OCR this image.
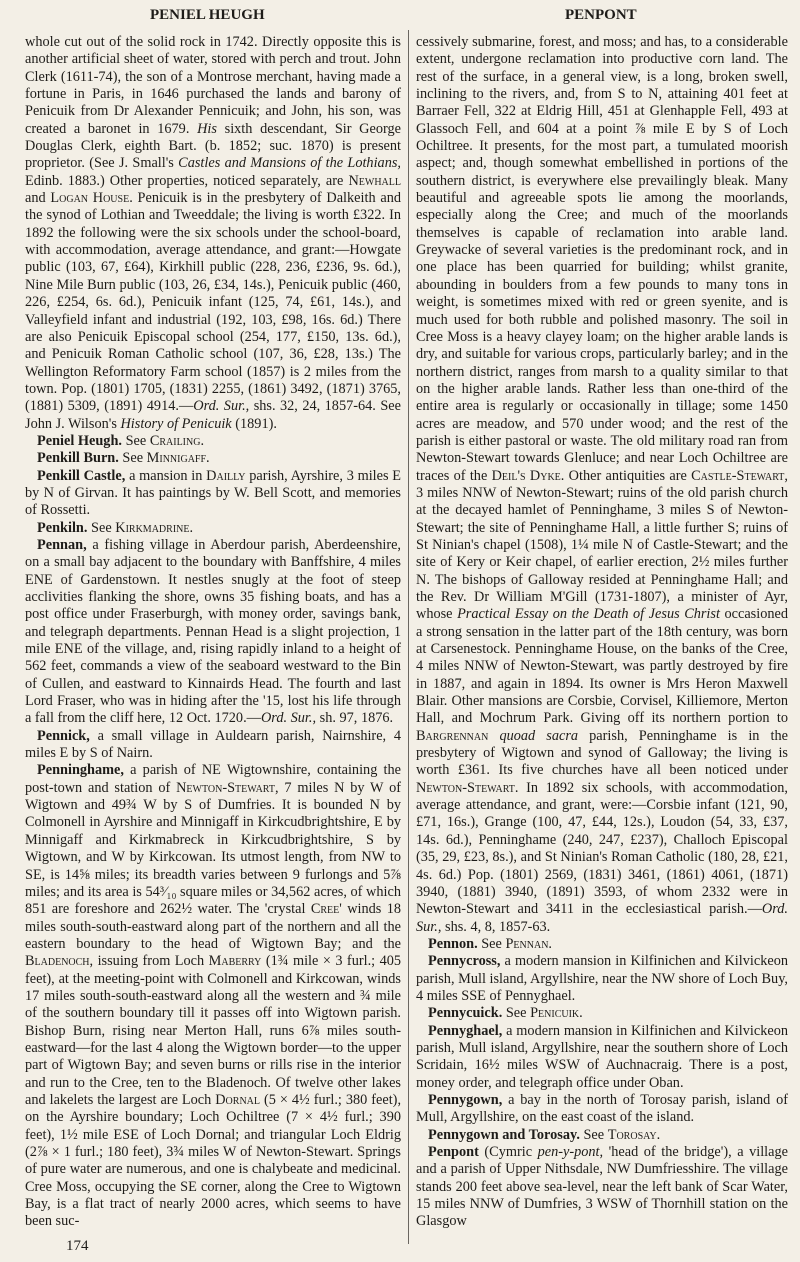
PENIEL HEUGH	PENPONT

whole cut out of the solid rock in 1742. Directly opposite this is another artificial sheet of water, stored with perch and trout. John Clerk (1611-74), the son of a Montrose merchant, having made a fortune in Paris, in 1646 purchased the lands and barony of Penicuik from Dr Alexander Pennicuik; and John, his son, was created a baronet in 1679. His sixth descendant, Sir George Douglas Clerk, eighth Bart. (b. 1852; suc. 1870) is present proprietor. (See J. Small's Castles and Mansions of the Lothians, Edinb. 1883.) Other properties, noticed separately, are Newhall and Logan House. Penicuik is in the presbytery of Dalkeith and the synod of Lothian and Tweeddale; the living is worth £322. In 1892 the following were the six schools under the school-board, with accommodation, average attendance, and grant:—Howgate public (103, 67, £64), Kirkhill public (228, 236, £236, 9s. 6d.), Nine Mile Burn public (103, 26, £34, 14s.), Penicuik public (460, 226, £254, 6s. 6d.), Penicuik infant (125, 74, £61, 14s.), and Valleyfield infant and industrial (192, 103, £98, 16s. 6d.) There are also Penicuik Episcopal school (254, 177, £150, 13s. 6d.), and Penicuik Roman Catholic school (107, 36, £28, 13s.) The Wellington Reformatory Farm school (1857) is 2 miles from the town. Pop. (1801) 1705, (1831) 2255, (1861) 3492, (1871) 3765, (1881) 5309, (1891) 4914.—Ord. Sur., shs. 32, 24, 1857-64. See John J. Wilson's History of Penicuik (1891).

Peniel Heugh. See Crailing.

Penkill Burn. See Minnigaff.

Penkill Castle, a mansion in Dailly parish, Ayrshire, 3 miles E by N of Girvan. It has paintings by W. Bell Scott, and memories of Rossetti.

Penkiln. See Kirkmadrine.

Pennan, a fishing village in Aberdour parish, Aberdeenshire, on a small bay adjacent to the boundary with Banffshire, 4 miles ENE of Gardenstown. It nestles snugly at the foot of steep acclivities flanking the shore, owns 35 fishing boats, and has a post office under Fraserburgh, with money order, savings bank, and telegraph departments. Pennan Head is a slight projection, 1 mile ENE of the village, and, rising rapidly inland to a height of 562 feet, commands a view of the seaboard westward to the Bin of Cullen, and eastward to Kinnairds Head. The fourth and last Lord Fraser, who was in hiding after the '15, lost his life through a fall from the cliff here, 12 Oct. 1720.—Ord. Sur., sh. 97, 1876.

Pennick, a small village in Auldearn parish, Nairnshire, 4 miles E by S of Nairn.

Penninghame, a parish of NE Wigtownshire, containing the post-town and station of Newton-Stewart, 7 miles N by W of Wigtown and 49¾ W by S of Dumfries. It is bounded N by Colmonell in Ayrshire and Minnigaff in Kirkcudbrightshire, E by Minnigaff and Kirkmabreck in Kirkcudbrightshire, S by Wigtown, and W by Kirkcowan. Its utmost length, from NW to SE, is 14⅝ miles; its breadth varies between 9 furlongs and 5⅞ miles; and its area is 54³⁄₁₀ square miles or 34,562 acres, of which 851 are foreshore and 262½ water. The 'crystal Cree' winds 18 miles south-south-eastward along part of the northern and all the eastern boundary to the head of Wigtown Bay; and the Bladenoch, issuing from Loch Maberry (1¾ mile × 3 furl.; 405 feet), at the meeting-point with Colmonell and Kirkcowan, winds 17 miles south-south-eastward along all the western and ¾ mile of the southern boundary till it passes off into Wigtown parish. Bishop Burn, rising near Merton Hall, runs 6⅞ miles south-eastward—for the last 4 along the Wigtown border—to the upper part of Wigtown Bay; and seven burns or rills rise in the interior and run to the Cree, ten to the Bladenoch. Of twelve other lakes and lakelets the largest are Loch Dornal (5 × 4½ furl.; 380 feet), on the Ayrshire boundary; Loch Ochiltree (7 × 4½ furl.; 390 feet), 1½ mile ESE of Loch Dornal; and triangular Loch Eldrig (2⅞ × 1 furl.; 180 feet), 3¾ miles W of Newton-Stewart. Springs of pure water are numerous, and one is chalybeate and medicinal. Cree Moss, occupying the SE corner, along the Cree to Wigtown Bay, is a flat tract of nearly 2000 acres, which seems to have been suc-

cessively submarine, forest, and moss; and has, to a considerable extent, undergone reclamation into productive corn land. The rest of the surface, in a general view, is a long, broken swell, inclining to the rivers, and, from S to N, attaining 401 feet at Barraer Fell, 322 at Eldrig Hill, 451 at Glenhapple Fell, 493 at Glassoch Fell, and 604 at a point ⅞ mile E by S of Loch Ochiltree. It presents, for the most part, a tumulated moorish aspect; and, though somewhat embellished in portions of the southern district, is everywhere else prevailingly bleak. Many beautiful and agreeable spots lie among the moorlands, especially along the Cree; and much of the moorlands themselves is capable of reclamation into arable land. Greywacke of several varieties is the predominant rock, and in one place has been quarried for building; whilst granite, abounding in boulders from a few pounds to many tons in weight, is sometimes mixed with red or green syenite, and is much used for both rubble and polished masonry. The soil in Cree Moss is a heavy clayey loam; on the higher arable lands is dry, and suitable for various crops, particularly barley; and in the northern district, ranges from marsh to a quality similar to that on the higher arable lands. Rather less than one-third of the entire area is regularly or occasionally in tillage; some 1450 acres are meadow, and 570 under wood; and the rest of the parish is either pastoral or waste. The old military road ran from Newton-Stewart towards Glenluce; and near Loch Ochiltree are traces of the Deil's Dyke. Other antiquities are Castle-Stewart, 3 miles NNW of Newton-Stewart; ruins of the old parish church at the decayed hamlet of Penninghame, 3 miles S of Newton-Stewart; the site of Penninghame Hall, a little further S; ruins of St Ninian's chapel (1508), 1¼ mile N of Castle-Stewart; and the site of Kery or Keir chapel, of earlier erection, 2½ miles further N. The bishops of Galloway resided at Penninghame Hall; and the Rev. Dr William M'Gill (1731-1807), a minister of Ayr, whose Practical Essay on the Death of Jesus Christ occasioned a strong sensation in the latter part of the 18th century, was born at Carsenestock. Penninghame House, on the banks of the Cree, 4 miles NNW of Newton-Stewart, was partly destroyed by fire in 1887, and again in 1894. Its owner is Mrs Heron Maxwell Blair. Other mansions are Corsbie, Corvisel, Killiemore, Merton Hall, and Mochrum Park. Giving off its northern portion to Bargrennan quoad sacra parish, Penninghame is in the presbytery of Wigtown and synod of Galloway; the living is worth £361. Its five churches have all been noticed under Newton-Stewart. In 1892 six schools, with accommodation, average attendance, and grant, were:—Corsbie infant (121, 90, £71, 16s.), Grange (100, 47, £44, 12s.), Loudon (54, 33, £37, 14s. 6d.), Penninghame (240, 247, £237), Challoch Episcopal (35, 29, £23, 8s.), and St Ninian's Roman Catholic (180, 28, £21, 4s. 6d.) Pop. (1801) 2569, (1831) 3461, (1861) 4061, (1871) 3940, (1881) 3940, (1891) 3593, of whom 2332 were in Newton-Stewart and 3411 in the ecclesiastical parish.—Ord. Sur., shs. 4, 8, 1857-63.

Pennon. See Pennan.

Pennycross, a modern mansion in Kilfinichen and Kilvickeon parish, Mull island, Argyllshire, near the NW shore of Loch Buy, 4 miles SSE of Pennyghael.

Pennycuick. See Penicuik.

Pennyghael, a modern mansion in Kilfinichen and Kilvickeon parish, Mull island, Argyllshire, near the southern shore of Loch Scridain, 16½ miles WSW of Auchnacraig. There is a post, money order, and telegraph office under Oban.

Pennygown, a bay in the north of Torosay parish, island of Mull, Argyllshire, on the east coast of the island.

Pennygown and Torosay. See Torosay.

Penpont (Cymric pen-y-pont, 'head of the bridge'), a village and a parish of Upper Nithsdale, NW Dumfriesshire. The village stands 200 feet above sea-level, near the left bank of Scar Water, 15 miles NNW of Dumfries, 3 WSW of Thornhill station on the Glasgow

174
